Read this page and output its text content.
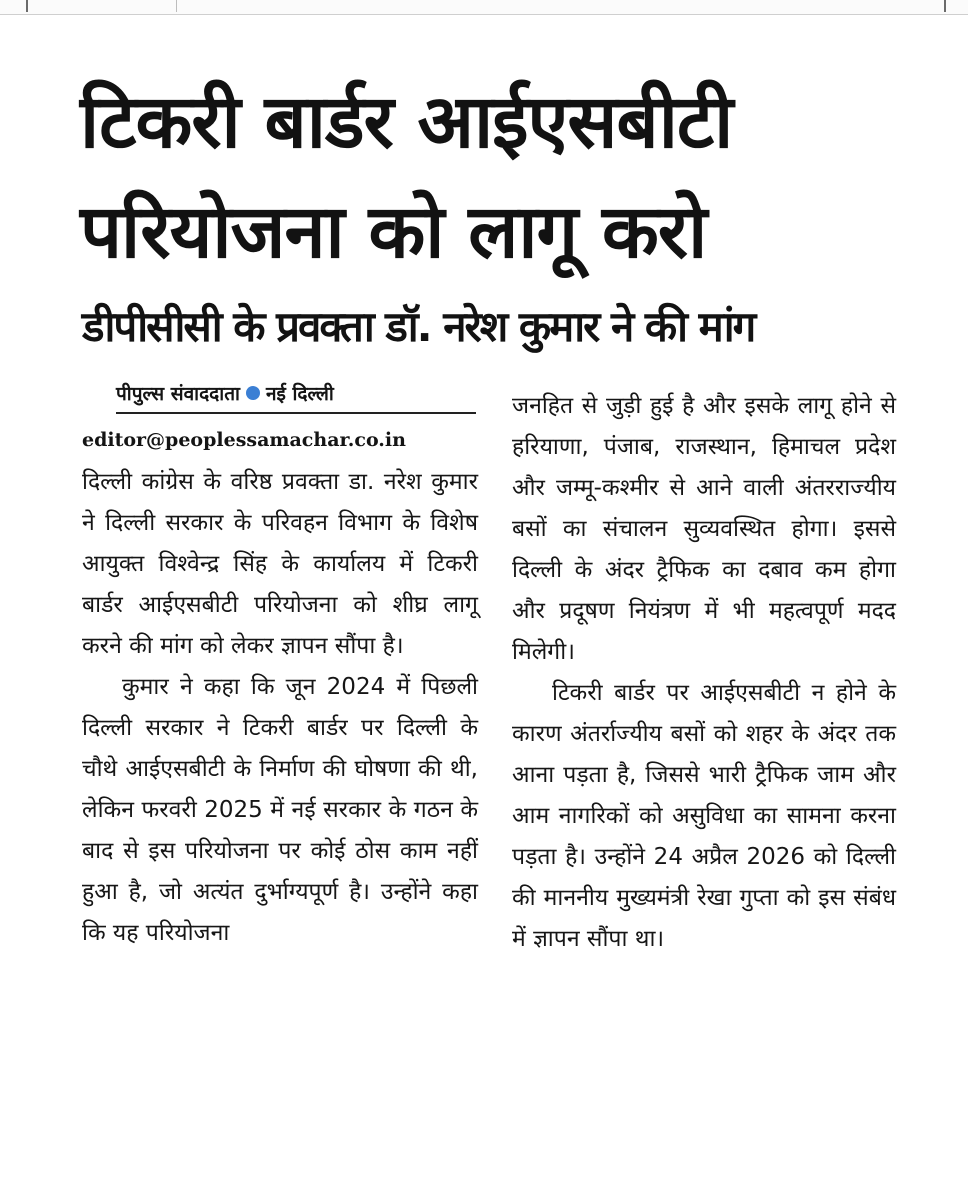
टिकरी बार्डर आईएसबीटी
परियोजना को लागू करो
डीपीसीसी के प्रवक्ता डॉ. नरेश कुमार ने की मांग
पीपुल्स संवाददाता नई दिल्ली
editor@peoplessamachar.co.in

दिल्ली कांग्रेस के वरिष्ठ प्रवक्ता डा. नरेश कुमार ने दिल्ली सरकार के परिवहन विभाग के विशेष आयुक्त विश्वेन्द्र सिंह के कार्यालय में टिकरी बार्डर आईएसबीटी परियोजना को शीघ्र लागू करने की मांग को लेकर ज्ञापन सौंपा है।

कुमार ने कहा कि जून 2024 में पिछली दिल्ली सरकार ने टिकरी बार्डर पर दिल्ली के चौथे आईएसबीटी के निर्माण की घोषणा की थी, लेकिन फरवरी 2025 में नई सरकार के गठन के बाद से इस परियोजना पर कोई ठोस काम नहीं हुआ है, जो अत्यंत दुर्भाग्यपूर्ण है। उन्होंने कहा कि यह परियोजना

जनहित से जुड़ी हुई है और इसके लागू होने से हरियाणा, पंजाब, राजस्थान, हिमाचल प्रदेश और जम्मू-कश्मीर से आने वाली अंतरराज्यीय बसों का संचालन सुव्यवस्थित होगा। इससे दिल्ली के अंदर ट्रैफिक का दबाव कम होगा और प्रदूषण नियंत्रण में भी महत्वपूर्ण मदद मिलेगी।

टिकरी बार्डर पर आईएसबीटी न होने के कारण अंतर्राज्यीय बसों को शहर के अंदर तक आना पड़ता है, जिससे भारी ट्रैफिक जाम और आम नागरिकों को असुविधा का सामना करना पड़ता है। उन्होंने 24 अप्रैल 2026 को दिल्ली की माननीय मुख्यमंत्री रेखा गुप्ता को इस संबंध में ज्ञापन सौंपा था।
